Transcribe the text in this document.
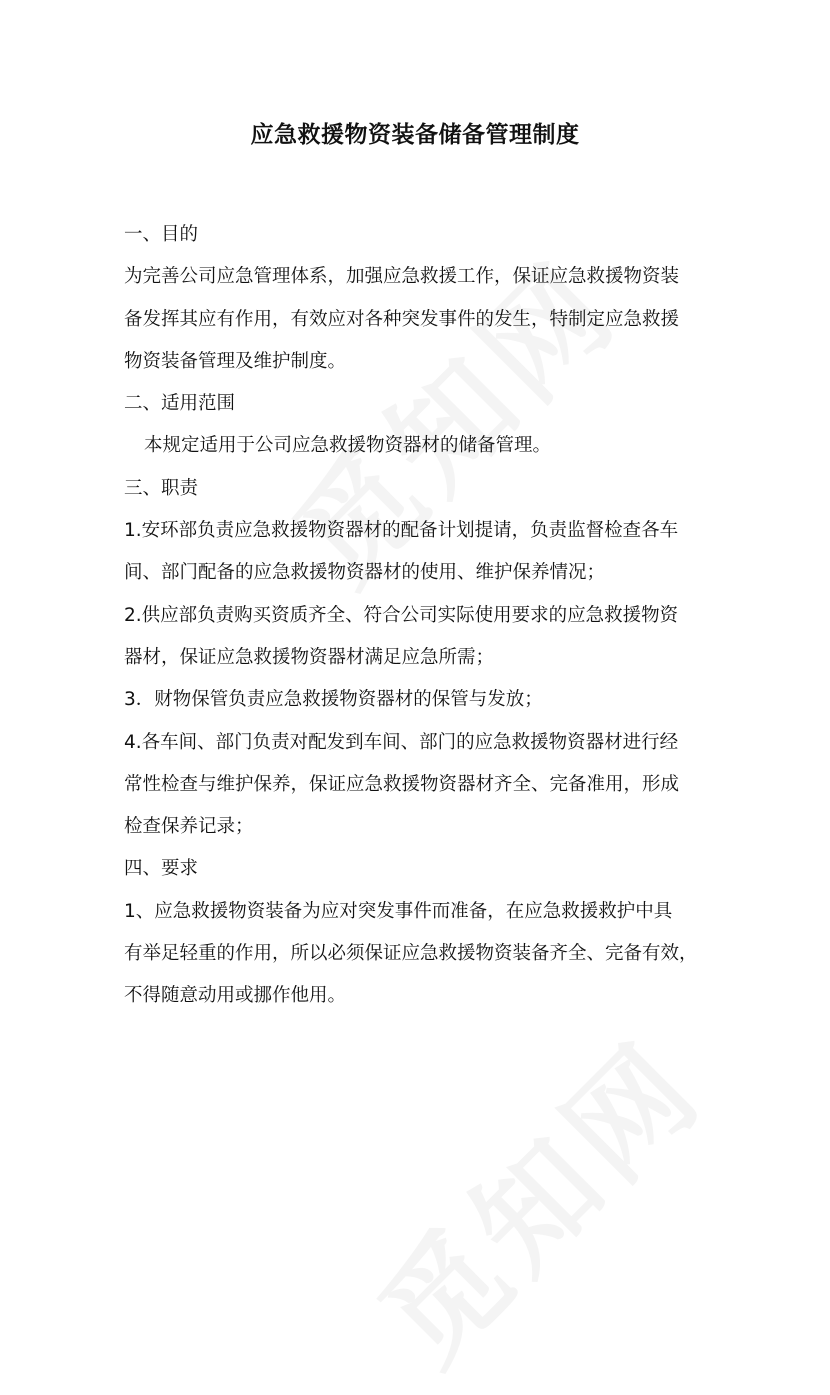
应急救援物资装备储备管理制度
一、目的
为完善公司应急管理体系，加强应急救援工作，保证应急救援物资装
备发挥其应有作用，有效应对各种突发事件的发生，特制定应急救援
物资装备管理及维护制度。
二、适用范围
本规定适用于公司应急救援物资器材的储备管理。
三、职责
1.安环部负责应急救援物资器材的配备计划提请，负责监督检查各车
间、部门配备的应急救援物资器材的使用、维护保养情况；
2.供应部负责购买资质齐全、符合公司实际使用要求的应急救援物资
器材，保证应急救援物资器材满足应急所需；
3．财物保管负责应急救援物资器材的保管与发放；
4.各车间、部门负责对配发到车间、部门的应急救援物资器材进行经
常性检查与维护保养，保证应急救援物资器材齐全、完备准用，形成
检查保养记录；
四、要求
1、应急救援物资装备为应对突发事件而准备，在应急救援救护中具
有举足轻重的作用，所以必须保证应急救援物资装备齐全、完备有效，
不得随意动用或挪作他用。
